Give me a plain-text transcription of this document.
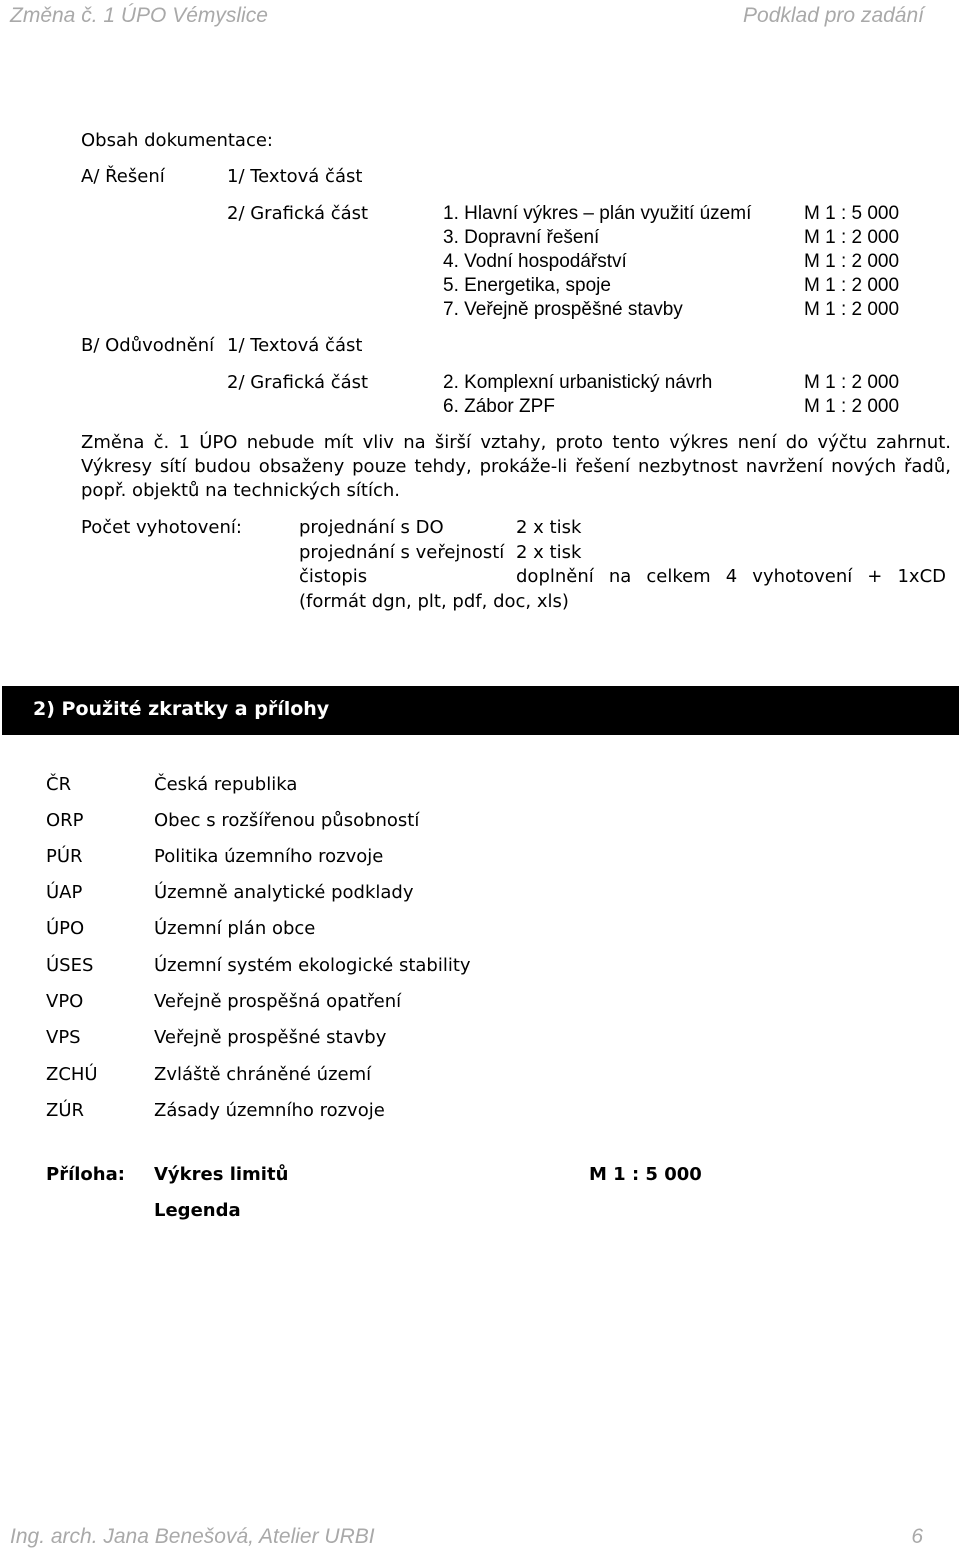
Změna č. 1 ÚPO Vémyslice	Podklad pro zadání
Obsah dokumentace:
A/ Řešení	1/ Textová část
2/ Grafická část	1. Hlavní výkres – plán využití území	M 1 : 5 000
3. Dopravní řešení	M 1 : 2 000
4. Vodní hospodářství	M 1 : 2 000
5. Energetika, spoje	M 1 : 2 000
7. Veřejně prospěšné stavby	M 1 : 2 000
B/ Odůvodnění 1/ Textová část
2/ Grafická část	2. Komplexní urbanistický návrh	M 1 : 2 000
6. Zábor ZPF	M 1 : 2 000
Změna č. 1 ÚPO nebude mít vliv na širší vztahy, proto tento výkres není do výčtu zahrnut. Výkresy sítí budou obsaženy pouze tehdy, prokáže-li řešení nezbytnost navržení nových řadů, popř. objektů na technických sítích.
Počet vyhotovení:	projednání s DO	2 x tisk
projednání s veřejností 2 x tisk
čistopis	doplnění na celkem 4 vyhotovení + 1xCD
(formát dgn, plt, pdf, doc, xls)
2) Použité zkratky a přílohy
ČR	Česká republika
ORP	Obec s rozšířenou působností
PÚR	Politika územního rozvoje
ÚAP	Územně analytické podklady
ÚPO	Územní plán obce
ÚSES	Územní systém ekologické stability
VPO	Veřejně prospěšná opatření
VPS	Veřejně prospěšné stavby
ZCHÚ	Zvláště chráněné území
ZÚR	Zásady územního rozvoje
Příloha: Výkres limitů	M 1 : 5 000
Legenda
Ing. arch. Jana Benešová, Atelier URBI	6
